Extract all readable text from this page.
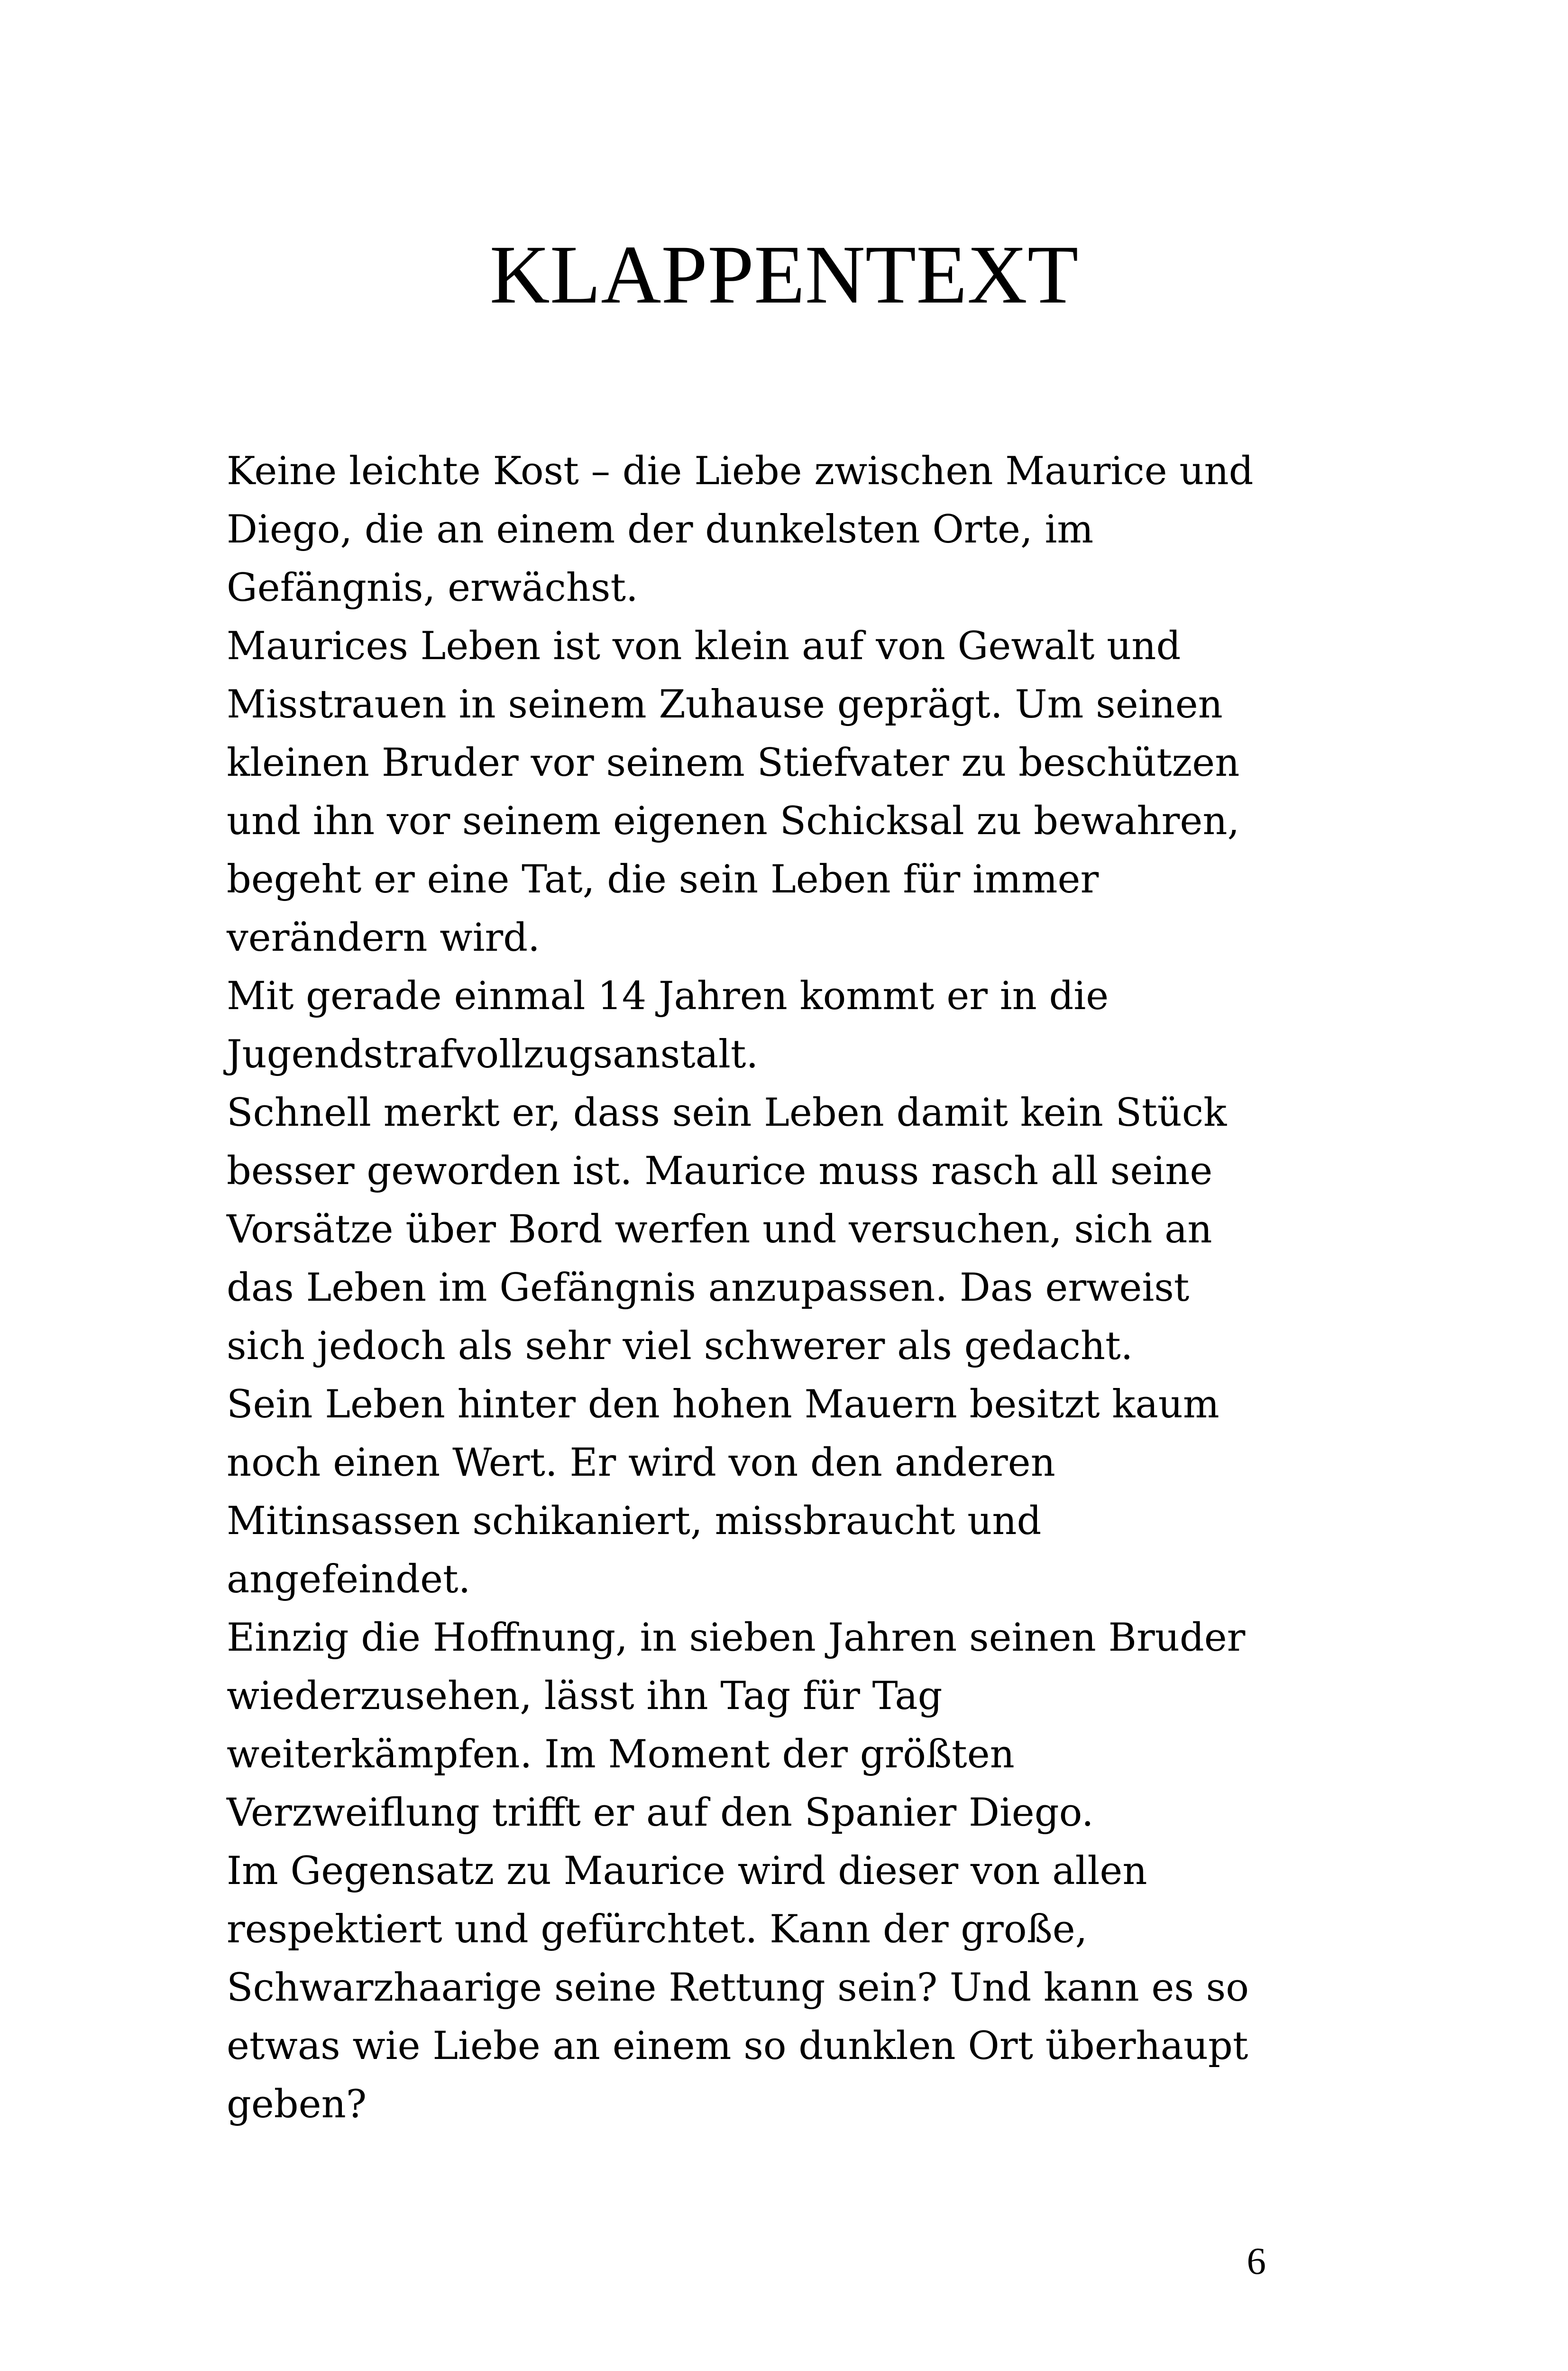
KLAPPENTEXT
Keine leichte Kost – die Liebe zwischen Maurice und
Diego, die an einem der dunkelsten Orte, im
Gefängnis, erwächst.
Maurices Leben ist von klein auf von Gewalt und
Misstrauen in seinem Zuhause geprägt. Um seinen
kleinen Bruder vor seinem Stiefvater zu beschützen
und ihn vor seinem eigenen Schicksal zu bewahren,
begeht er eine Tat, die sein Leben für immer
verändern wird.
Mit gerade einmal 14 Jahren kommt er in die
Jugendstrafvollzugsanstalt.
Schnell merkt er, dass sein Leben damit kein Stück
besser geworden ist. Maurice muss rasch all seine
Vorsätze über Bord werfen und versuchen, sich an
das Leben im Gefängnis anzupassen. Das erweist
sich jedoch als sehr viel schwerer als gedacht.
Sein Leben hinter den hohen Mauern besitzt kaum
noch einen Wert. Er wird von den anderen
Mitinsassen schikaniert, missbraucht und
angefeindet.
Einzig die Hoffnung, in sieben Jahren seinen Bruder
wiederzusehen, lässt ihn Tag für Tag
weiterkämpfen. Im Moment der größten
Verzweiflung trifft er auf den Spanier Diego.
Im Gegensatz zu Maurice wird dieser von allen
respektiert und gefürchtet. Kann der große,
Schwarzhaarige seine Rettung sein? Und kann es so
etwas wie Liebe an einem so dunklen Ort überhaupt
geben?
6
